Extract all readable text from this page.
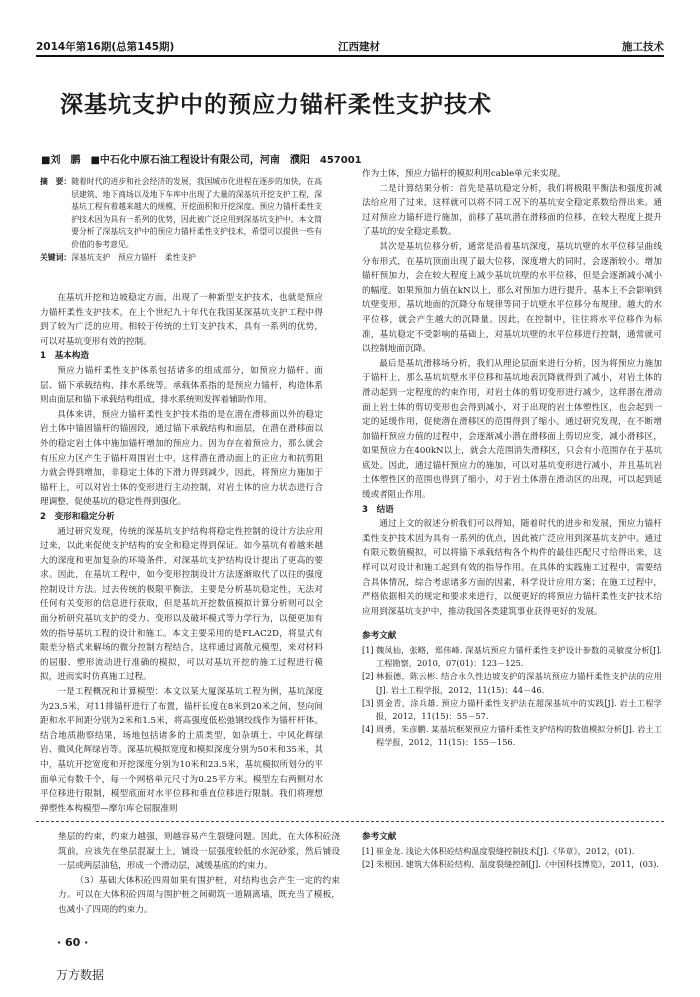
2014年第16期(总第145期)	江西建材	施工技术
深基坑支护中的预应力锚杆柔性支护技术
■刘　鹏　■中石化中原石油工程设计有限公司，河南　濮阳　457001
摘　要： 随着时代的进步和社会经济的发展，我国城市化进程在逐步的加快，在高层建筑、地下商场以及地下车库中出现了大量的深基坑开挖支护工程，深基坑工程有着越来越大的规模、开挖面积和开挖深度。预应力锚杆柔性支护技术因为具有一系列的优势，因此被广泛应用到深基坑支护中。本文简要分析了深基坑支护中的预应力锚杆柔性支护技术，希望可以提供一些有价值的参考意见。
关键词： 深基坑支护　预应力锚杆　柔性支护

在基坑开挖和边坡稳定方面，出现了一种新型支护技术，也就是预应力锚杆柔性支护技术，在上个世纪九十年代在我国某深基坑支护工程中得到了较为广泛的应用。相较于传统的土钉支护技术，具有一系列的优势，可以对基坑变形有效的控制。

1　基本构造

预应力锚杆柔性支护体系包括诸多的组成部分，如预应力锚杆、面层、锚下承载结构、排水系统等。承载体系指的是预应力锚杆，构造体系则由面层和锚下承载结构组成，排水系统则发挥着辅助作用。

具体来讲，预应力锚杆柔性支护技术指的是在潜在滑移面以外的稳定岩土体中锚固锚杆的锚固段，通过锚下承载结构和面层，在潜在滑移面以外的稳定岩土体中施加锚杆增加的预应力。因为存在着预应力，那么就会有压应力区产生于锚杆周围岩土中，这样潜在滑动面上的正应力和抗剪阻力就会得到增加，非稳定土体的下滑力得到减少，因此，将预应力施加于锚杆上，可以对岩土体的变形进行主动控制，对岩土体的应力状态进行合理调整，促使基坑的稳定性得到强化。

2　变形和稳定分析

通过研究发现，传统的深基坑支护结构将稳定性控制的设计方法应用过来，以此来促使支护结构的安全和稳定得到保证。如今基坑有着越来越大的深度和更加复杂的环境条件，对深基坑支护结构设计提出了更高的要求。因此，在基坑工程中，如今变形控制设计方法逐渐取代了以往的强度控制设计方法。过去传统的极限平衡法，主要是分析基坑稳定性，无法对任何有关变形的信息进行获取，但是基坑开挖数值模拟计算分析则可以全面分析研究基坑支护的受力、变形以及破坏模式等力学行为，以便更加有效的指导基坑工程的设计和施工。本文主要采用的是FLAC2D，将显式有限差分格式来解场的微分控制方程结合，这样通过离散元模型，来对材料的屈服、塑形流动进行准确的模拟，可以对基坑开挖的施工过程进行模拟，进而实时仿真施工过程。

一是工程概况和计算模型：本文以某大厦深基坑工程为例，基坑深度为23.5米，对11排锚杆进行了布置，锚杆长度在8米到20米之间，竖向间距和水平间距分别为2米和1.5米，将高强度低松弛钢绞线作为锚杆杆体。结合地质勘察结果，场地包括诸多的土质类型，如杂填土、中风化辉绿岩、微风化辉绿岩等。深基坑模拟宽度和模拟深度分别为50米和35米，其中，基坑开挖宽度和开挖深度分别为10米和23.5米，基坑模拟所划分的平面单元有数千个，每一个网格单元尺寸为0.25平方米。模型左右两侧对水平位移进行限制，模型底面对水平位移和垂直位移进行限制。我们将理想弹塑性本构模型—摩尔库仑屈服准则

作为土体，预应力锚杆的模拟利用cable单元来实现。

二是计算结果分析：首先是基坑稳定分析，我们将极限平衡法和强度折减法给应用了过来，这样就可以将不同工况下的基坑安全稳定系数给得出来。通过对预应力锚杆进行施加，前移了基坑潜在滑移面的位移，在较大程度上提升了基坑的安全稳定系数。

其次是基坑位移分析，通常是沿着基坑深度，基坑坑壁的水平位移呈曲线分布形式，在基坑顶面出现了最大位移，深度增大的同时，会逐渐较小。增加锚杆预加力，会在较大程度上减少基坑坑壁的水平位移，但是会逐渐减小减小的幅度。如果预加力值在kN以上，那么对预加力进行提升，基本上不会影响到坑壁变形。基坑地面的沉降分布规律等同于坑壁水平位移分布规律。越大的水平位移，就会产生越大的沉降量。因此，在控制中，往往将水平位移作为标准，基坑稳定不受影响的基础上，对基坑坑壁的水平位移进行控制，通常就可以控制地面沉降。

最后是基坑滑移场分析，我们从理论层面来进行分析，因为将预应力施加于锚杆上，那么基坑坑壁水平位移和基坑地表沉降就得到了减小，对岩土体的滑动起到一定程度的约束作用，对岩土体的剪切变形进行减少，这样潜在滑动面上岩土体的剪切变形也会得到减小，对于出现的岩土体塑性区，也会起到一定的延缓作用，促使潜在滑移区的范围得到了缩小。通过研究发现，在不断增加锚杆预应力值的过程中，会逐渐减小潜在滑移面上剪切应变，减小滑移区，如果预应力在400kN以上，就会大范围消失滑移区，只会有小范围存在于基坑底处。因此，通过锚杆预应力的施加，可以对基坑变形进行减小，并且基坑岩土体塑性区的范围也得到了缩小，对于岩土体潜在滑动区的出现，可以起到延缓或者阻止作用。

3　结语

通过上文的叙述分析我们可以得知，随着时代的进步和发展，预应力锚杆柔性支护技术因为具有一系列的优点，因此被广泛应用到深基坑支护中。通过有限元数值模拟，可以将锚下承载结构各个构件的最佳匹配尺寸给得出来，这样可以对设计和施工起到有效的指导作用。在具体的实践施工过程中，需要结合具体情况，综合考虑诸多方面的因素，科学设计应用方案；在施工过程中，严格依据相关的规定和要求来进行，以便更好的将预应力锚杆柔性支护技术给应用到深基坑支护中，推动我国各类建筑事业获得更好的发展。

参考文献
[1] 魏凤仙，张略，郑伟峰. 深基坑预应力锚杆柔性支护设计参数的灵敏度分析[J]. 工程勘察，2010，07(01)：123－125.
[2] 林振德，陈云彬. 结合永久性边坡支护的深基坑预应力锚杆柔性支护法的应用[J]. 岩土工程学报，2012，11(15)：44－46.
[3] 贾金青，涂兵雄. 预应力锚杆柔性支护法在超深基坑中的实践[J]. 岩土工程学报，2012，11(15)：55－57.
[4] 周勇，朱彦鹏. 某基坑框架预应力锚杆柔性支护结构的数值模拟分析[J]. 岩土工程学报，2012，11(15)：155－156.

垫层的约束，约束力越强，则越容易产生裂缝问题。因此，在大体积砼浇筑前，应该先在垫层混凝土上，铺设一层强度较低的水泥砂浆，然后铺设一层或两层油毡，形成一个滑动层，减缓基底的约束力。

（3）基础大体积砼四周如果有围护桩，对结构也会产生一定的约束力。可以在大体积砼四周与围护桩之间砌筑一道隔离墙，既充当了模板，也减小了四周的约束力。

参考文献
[1] 崔金龙. 浅论大体积砼结构温度裂缝控制技术[J].《华章》，2012，(01).
[2] 朱根国. 建筑大体积砼结构、温度裂缝控制[J].《中国科技博览》，2011，(03).
· 60 ·
万方数据
